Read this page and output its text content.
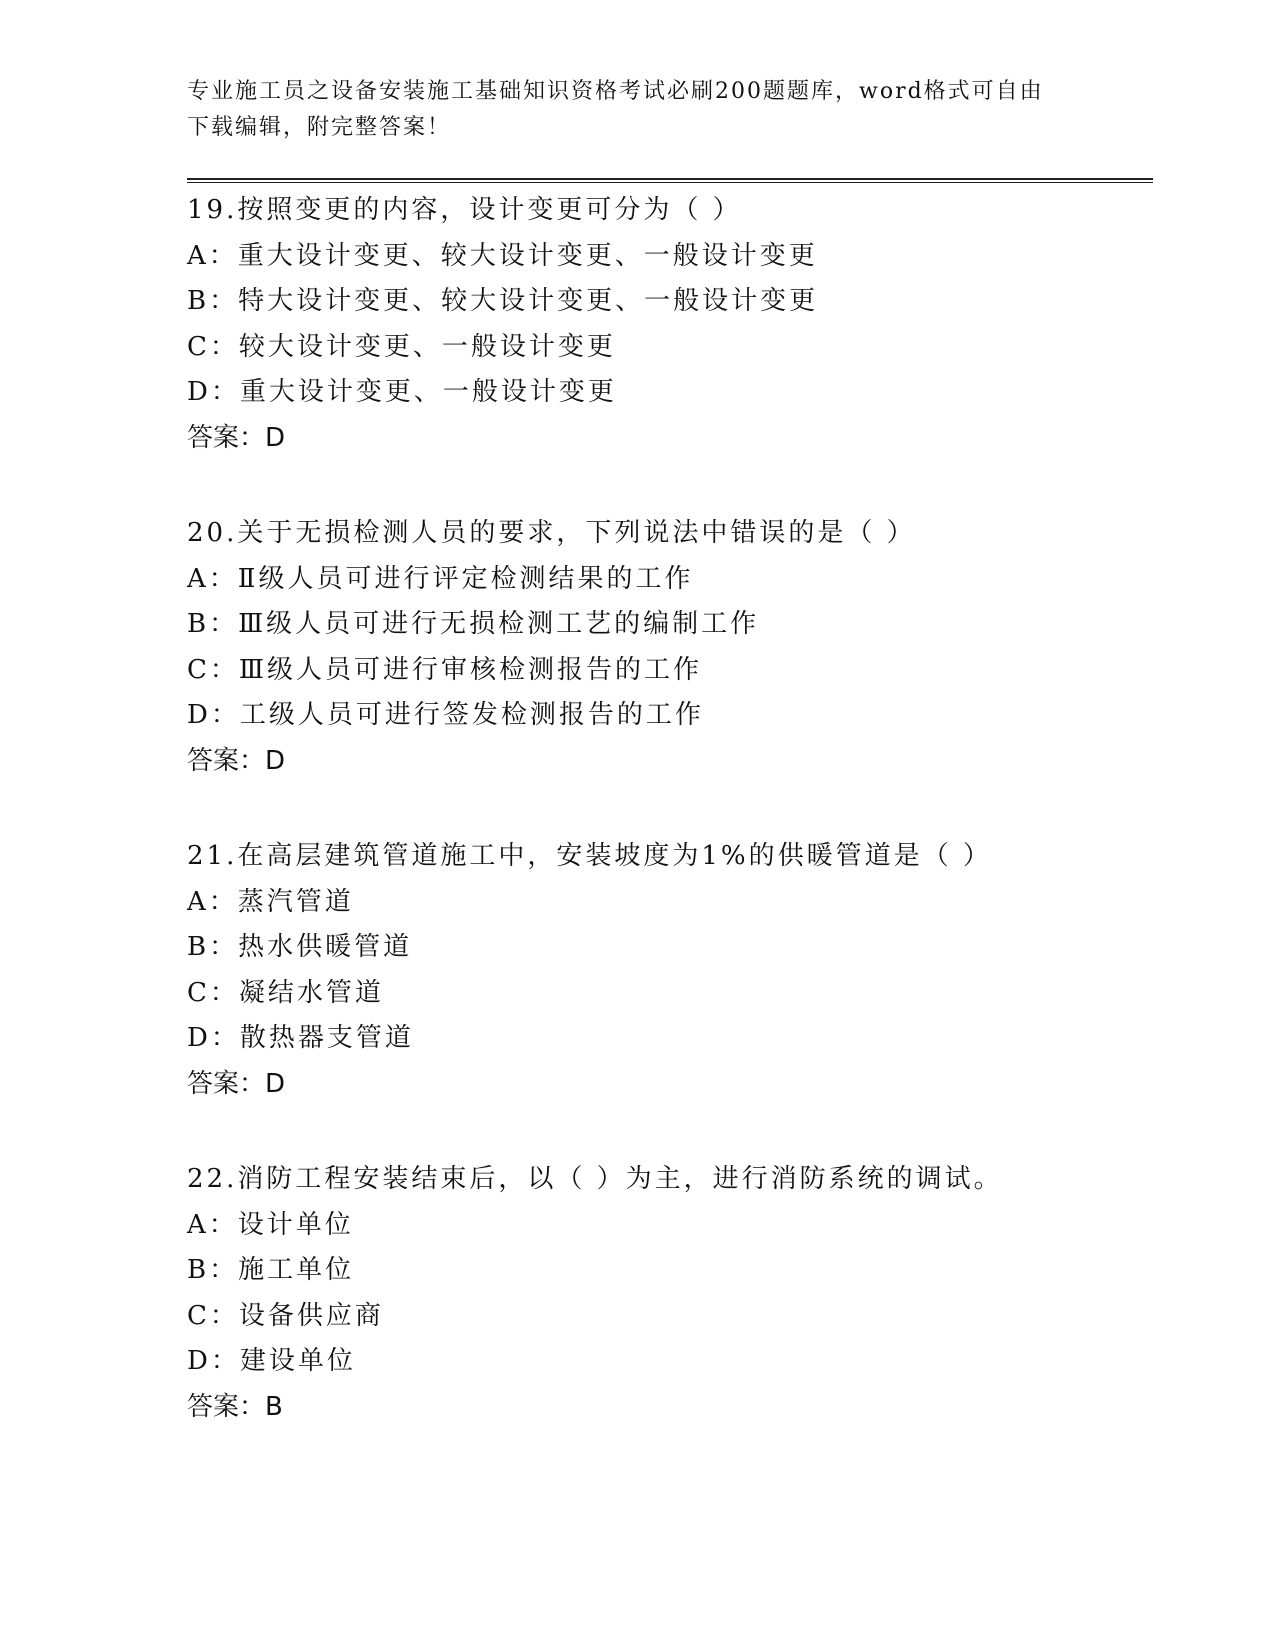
专业施工员之设备安装施工基础知识资格考试必刷200题题库，word格式可自由
下载编辑，附完整答案！
19.按照变更的内容，设计变更可分为（ ）
A：重大设计变更、较大设计变更、一般设计变更
B：特大设计变更、较大设计变更、一般设计变更
C：较大设计变更、一般设计变更
D：重大设计变更、一般设计变更
答案：D
20.关于无损检测人员的要求，下列说法中错误的是（ ）
A：Ⅱ级人员可进行评定检测结果的工作
B：Ⅲ级人员可进行无损检测工艺的编制工作
C：Ⅲ级人员可进行审核检测报告的工作
D：工级人员可进行签发检测报告的工作
答案：D
21.在高层建筑管道施工中，安装坡度为1%的供暖管道是（ ）
A：蒸汽管道
B：热水供暖管道
C：凝结水管道
D：散热器支管道
答案：D
22.消防工程安装结束后，以（ ）为主，进行消防系统的调试。
A：设计单位
B：施工单位
C：设备供应商
D：建设单位
答案：B
